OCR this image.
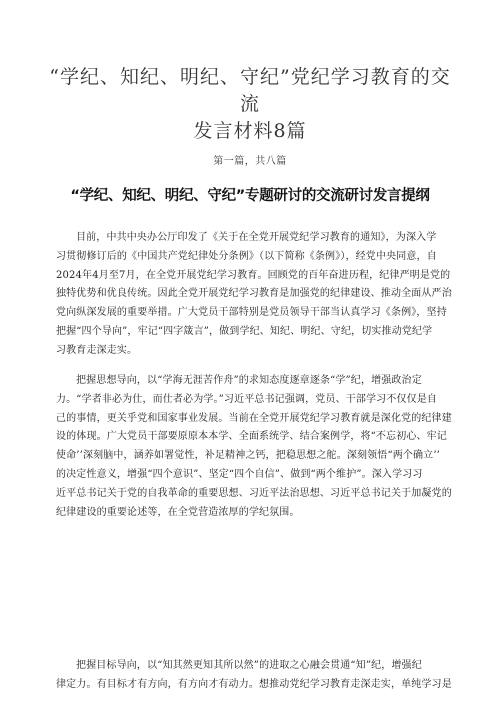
“学纪、知纪、明纪、守纪”党纪学习教育的交流
发言材料8篇
第一篇，共八篇
“学纪、知纪、明纪、守纪”专题研讨的交流研讨发言提纲

目前，中共中央办公厅印发了《关于在全党开展党纪学习教育的通知》，为深入学
习贯彻修订后的《中国共产党纪律处分条例》（以下简称《条例》），经党中央同意，自
2024年4月至7月，在全党开展党纪学习教育。回顾党的百年奋进历程，纪律严明是党的
独特优势和优良传统。因此全党开展党纪学习教育是加强党的纪律建设、推动全面从严治
党向纵深发展的重要举措。广大党员干部特别是党员领导干部当认真学习《条例》，坚持
把握“四个导向”，牢记“四字箴言”，做到学纪、知纪、明纪、守纪，切实推动党纪学
习教育走深走实。

把握思想导向，以“学海无涯苦作舟”的求知态度逐章逐条“学”纪，增强政治定
力。“学者非必为仕，而仕者必为学。”习近平总书记强调，党员、干部学习不仅仅是自
己的事情，更关乎党和国家事业发展。当前在全党开展党纪学习教育就是深化党的纪律建
设的体现。广大党员干部要原原本本学、全面系统学、结合案例学，将“不忘初心、牢记
使命’’深刻脑中，涵养如署觉性，补足精神之钙，把稳思想之舵。深刻领悟“两个确立’’
的决定性意义，增强“四个意识”、坚定“四个自信”、做到“两个维护”。深入学习习
近平总书记关于党的自我革命的重要思想、习近平法治思想、习近平总书记关于加凝党的
纪律建设的重要论述等，在全党营造浓厚的学纪氛围。

把握目标导向，以“知其然更知其所以然”的进取之心融会贯通“知”纪，增强纪
律定力。有目标才有方向，有方向才有动力。想推动党纪学习教育走深走实，单纯学习是
